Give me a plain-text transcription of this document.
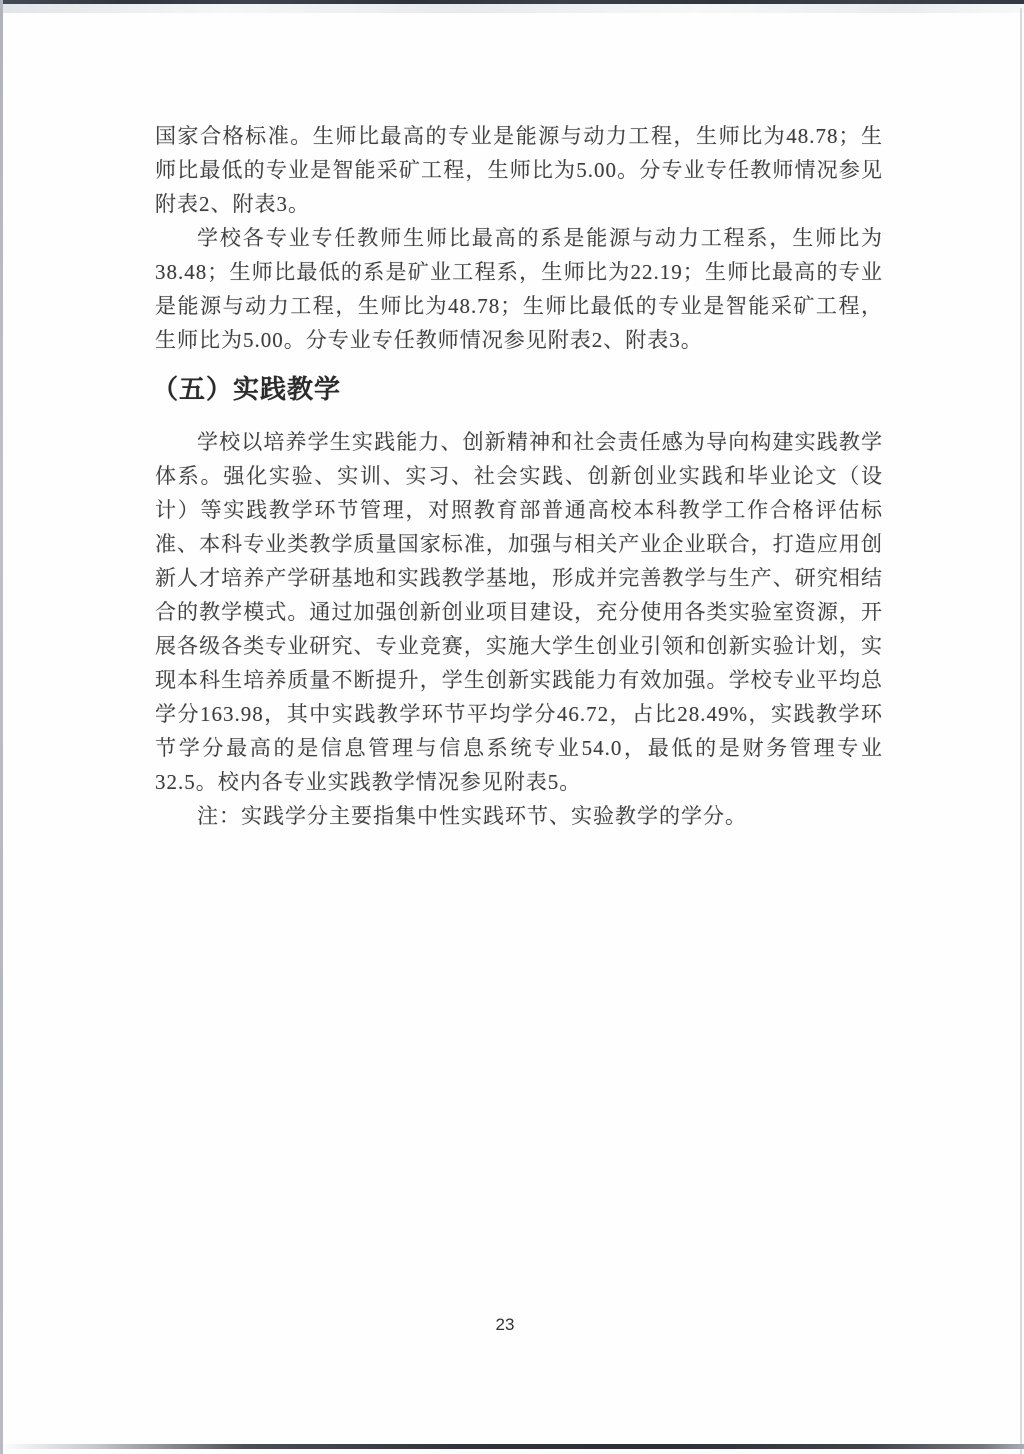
国家合格标准。生师比最高的专业是能源与动力工程，生师比为48.78；生师比最低的专业是智能采矿工程，生师比为5.00。分专业专任教师情况参见附表2、附表3。

学校各专业专任教师生师比最高的系是能源与动力工程系，生师比为38.48；生师比最低的系是矿业工程系，生师比为22.19；生师比最高的专业是能源与动力工程，生师比为48.78；生师比最低的专业是智能采矿工程，生师比为5.00。分专业专任教师情况参见附表2、附表3。

（五）实践教学

学校以培养学生实践能力、创新精神和社会责任感为导向构建实践教学体系。强化实验、实训、实习、社会实践、创新创业实践和毕业论文（设计）等实践教学环节管理，对照教育部普通高校本科教学工作合格评估标准、本科专业类教学质量国家标准，加强与相关产业企业联合，打造应用创新人才培养产学研基地和实践教学基地，形成并完善教学与生产、研究相结合的教学模式。通过加强创新创业项目建设，充分使用各类实验室资源，开展各级各类专业研究、专业竞赛，实施大学生创业引领和创新实验计划，实现本科生培养质量不断提升，学生创新实践能力有效加强。学校专业平均总学分163.98，其中实践教学环节平均学分46.72，占比28.49%，实践教学环节学分最高的是信息管理与信息系统专业54.0，最低的是财务管理专业32.5。校内各专业实践教学情况参见附表5。

注：实践学分主要指集中性实践环节、实验教学的学分。

23
